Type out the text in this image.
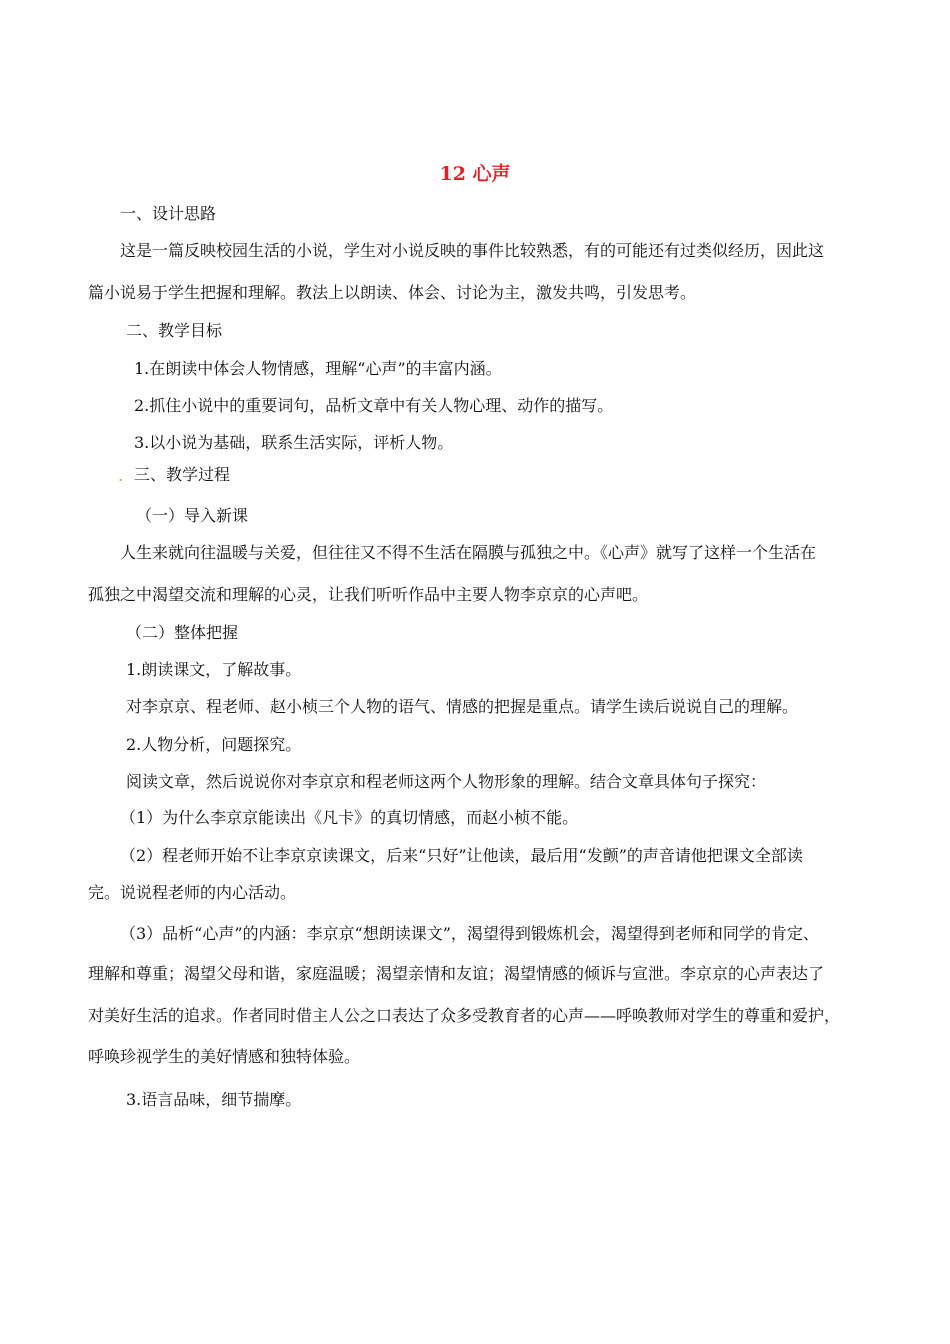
12 心声
一、设计思路
这是一篇反映校园生活的小说，学生对小说反映的事件比较熟悉，有的可能还有过类似经历，因此这
篇小说易于学生把握和理解。教法上以朗读、体会、讨论为主，激发共鸣，引发思考。
二、教学目标
1.在朗读中体会人物情感，理解“心声”的丰富内涵。
2.抓住小说中的重要词句，品析文章中有关人物心理、动作的描写。
3.以小说为基础，联系生活实际，评析人物。
. 三、教学过程
（一）导入新课
人生来就向往温暖与关爱，但往往又不得不生活在隔膜与孤独之中。《心声》就写了这样一个生活在
孤独之中渴望交流和理解的心灵，让我们听听作品中主要人物李京京的心声吧。
（二）整体把握
1.朗读课文，了解故事。
对李京京、程老师、赵小桢三个人物的语气、情感的把握是重点。请学生读后说说自己的理解。
2.人物分析，问题探究。
阅读文章，然后说说你对李京京和程老师这两个人物形象的理解。结合文章具体句子探究：
（1）为什么李京京能读出《凡卡》的真切情感，而赵小桢不能。
（2）程老师开始不让李京京读课文，后来“只好”让他读，最后用“发颤”的声音请他把课文全部读
完。说说程老师的内心活动。
（3）品析“心声”的内涵：李京京“想朗读课文”，渴望得到锻炼机会，渴望得到老师和同学的肯定、
理解和尊重；渴望父母和谐，家庭温暖；渴望亲情和友谊；渴望情感的倾诉与宣泄。李京京的心声表达了
对美好生活的追求。作者同时借主人公之口表达了众多受教育者的心声——呼唤教师对学生的尊重和爱护，
呼唤珍视学生的美好情感和独特体验。
3.语言品味，细节揣摩。
